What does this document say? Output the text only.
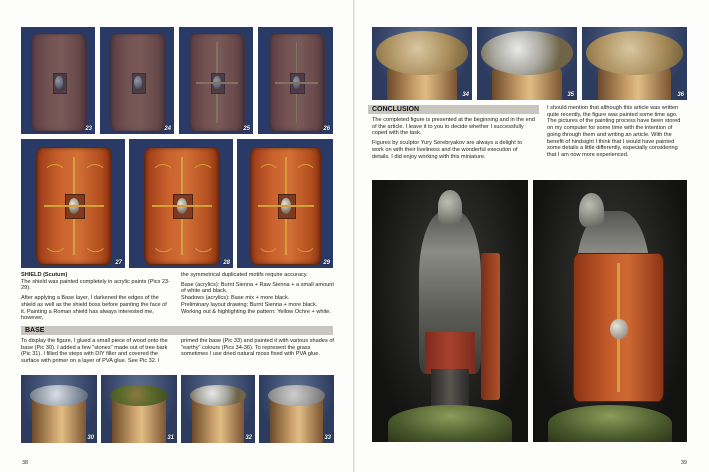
23	24	25	26
27	28	29

SHIELD (Scutum)
The shield was painted completely in acrylic paints (Pics 23-29).

After applying a Base layer, I darkened the edges of the shield as well as the shield boss before painting the face of it. Painting a Roman shield has always interested me, however,

the symmetrical duplicated motifs require accuracy.

Base (acrylics): Burnt Sienna + Raw Sienna + a small amount of white and black.

Shadows (acrylics): Base mix + more black.

Preliminary layout drawing: Burnt Sienna + more black.

Working out & highlighting the pattern: Yellow Ochre + white.

BASE

To display the figure, I glued a small piece of wood onto the base (Pic 30). I added a few "stones" made out of tree bark (Pic 31). I filled the steps with DIY filler and covered the surface with primer on a layer of PVA glue. See Pic 32. I

primed the base (Pic 33) and painted it with various shades of "earthy" colours (Pics 34-36). To represent the grass sometimes I use dried natural moss fixed with PVA glue.

30	31	32	33
38
34	35	36
CONCLUSION

The completed figure is presented at the beginning and in the end of the article. I leave it to you to decide whether I successfully coped with the task.

Figures by sculptor Yury Serebryakov are always a delight to work on with their liveliness and the wonderful execution of details. I did enjoy working with this miniature.

I should mention that although this article was written quite recently, the figure was painted some time ago. The pictures of the painting process have been stored on my computer for some time with the intention of going through them and writing an article. With the benefit of hindsight I think that I would have painted some details a little differently, especially considering that I am now more experienced.

39
